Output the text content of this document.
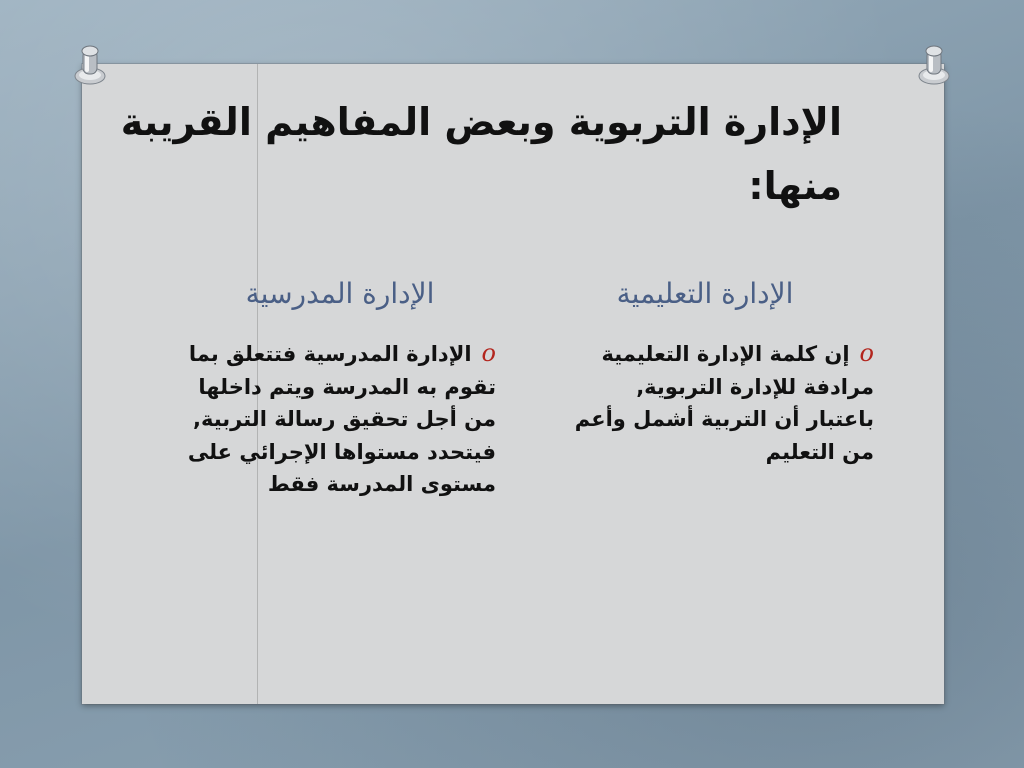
الإدارة التربوية وبعض المفاهيم القريبة منها:
الإدارة التعليمية
الإدارة المدرسية
oإن كلمة الإدارة التعليمية مرادفة للإدارة التربوية, باعتبار أن التربية أشمل وأعم من التعليم
oالإدارة المدرسية فتتعلق بما تقوم به المدرسة ويتم داخلها من أجل تحقيق رسالة التربية, فيتحدد مستواها الإجرائي على مستوى المدرسة فقط
